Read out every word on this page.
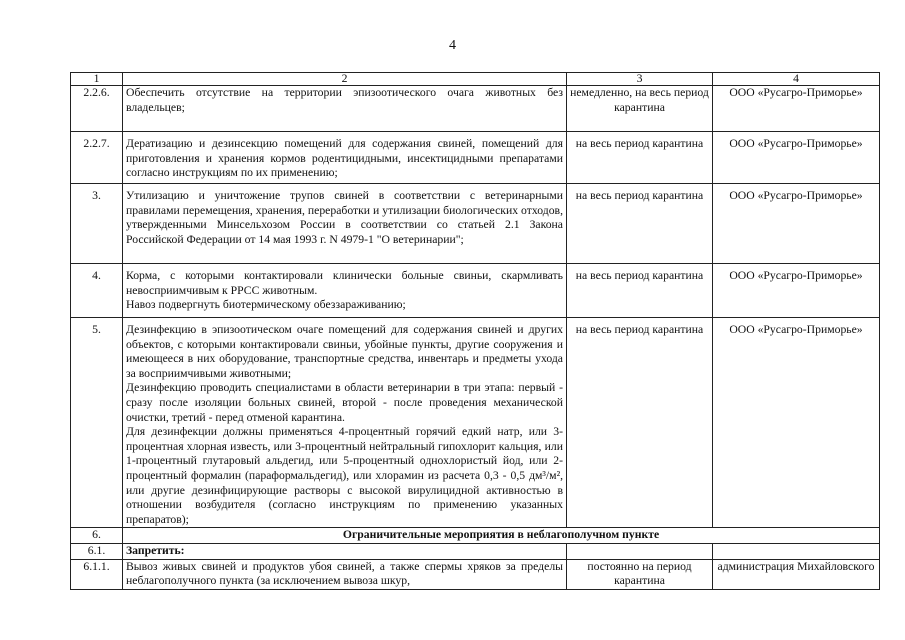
4
1	2	3	4
2.2.6.	Обеспечить отсутствие на территории эпизоотического очага животных без владельцев;	немедленно, на весь период карантина	ООО «Русагро-Приморье»
2.2.7.	Дератизацию и дезинсекцию помещений для содержания свиней, помещений для приготовления и хранения кормов родентицидными, инсектицидными препаратами согласно инструкциям по их применению;	на весь период карантина	ООО «Русагро-Приморье»
3.	Утилизацию и уничтожение трупов свиней в соответствии с ветеринарными правилами перемещения, хранения, переработки и утилизации биологических отходов, утвержденными Минсельхозом России в соответствии со статьей 2.1 Закона Российской Федерации от 14 мая 1993 г. N 4979-1 "О ветеринарии";	на весь период карантина	ООО «Русагро-Приморье»
4.	Корма, с которыми контактировали клинически больные свиньи, скармливать невосприимчивым к РРСС животным.
Навоз подвергнуть биотермическому обеззараживанию;	на весь период карантина	ООО «Русагро-Приморье»
5.	Дезинфекцию в эпизоотическом очаге помещений для содержания свиней и других объектов, с которыми контактировали свиньи, убойные пункты, другие сооружения и имеющееся в них оборудование, транспортные средства, инвентарь и предметы ухода за восприимчивыми животными;
Дезинфекцию проводить специалистами в области ветеринарии в три этапа: первый - сразу после изоляции больных свиней, второй - после проведения механической очистки, третий - перед отменой карантина.
Для дезинфекции должны применяться 4-процентный горячий едкий натр, или 3-процентная хлорная известь, или 3-процентный нейтральный гипохлорит кальция, или 1-процентный глутаровый альдегид, или 5-процентный однохлористый йод, или 2-процентный формалин (параформальдегид), или хлорамин из расчета 0,3 - 0,5 дм³/м², или другие дезинфицирующие растворы с высокой вирулицидной активностью в отношении возбудителя (согласно инструкциям по применению указанных препаратов);	на весь период карантина	ООО «Русагро-Приморье»
6.	Ограничительные мероприятия в неблагополучном пункте		
6.1.	Запретить:		
6.1.1.	Вывоз живых свиней и продуктов убоя свиней, а также спермы хряков за пределы неблагополучного пункта (за исключением вывоза шкур,	постоянно на период карантина	администрация Михайловского
